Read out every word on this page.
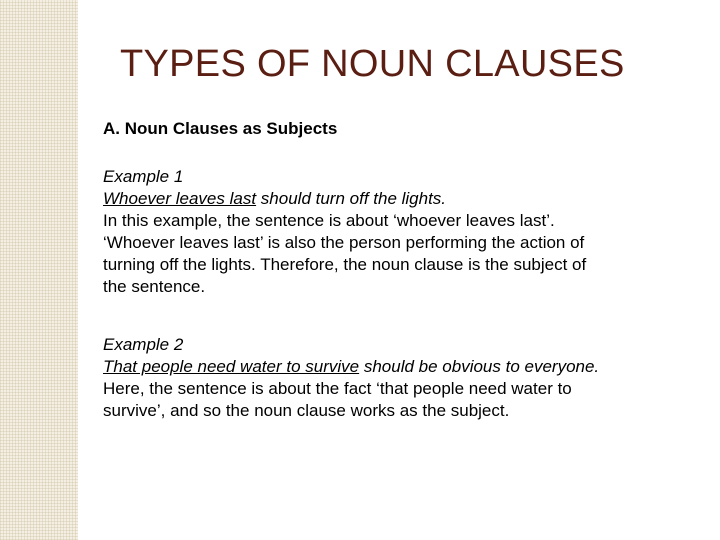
TYPES OF NOUN CLAUSES
A. Noun Clauses as Subjects
Example 1
Whoever leaves last should turn off the lights.
In this example, the sentence is about ‘whoever leaves last’.
‘Whoever leaves last’ is also the person performing the action of
turning off the lights. Therefore, the noun clause is the subject of
the sentence.
Example 2
That people need water to survive should be obvious to everyone.
Here, the sentence is about the fact ‘that people need water to
survive’, and so the noun clause works as the subject.
